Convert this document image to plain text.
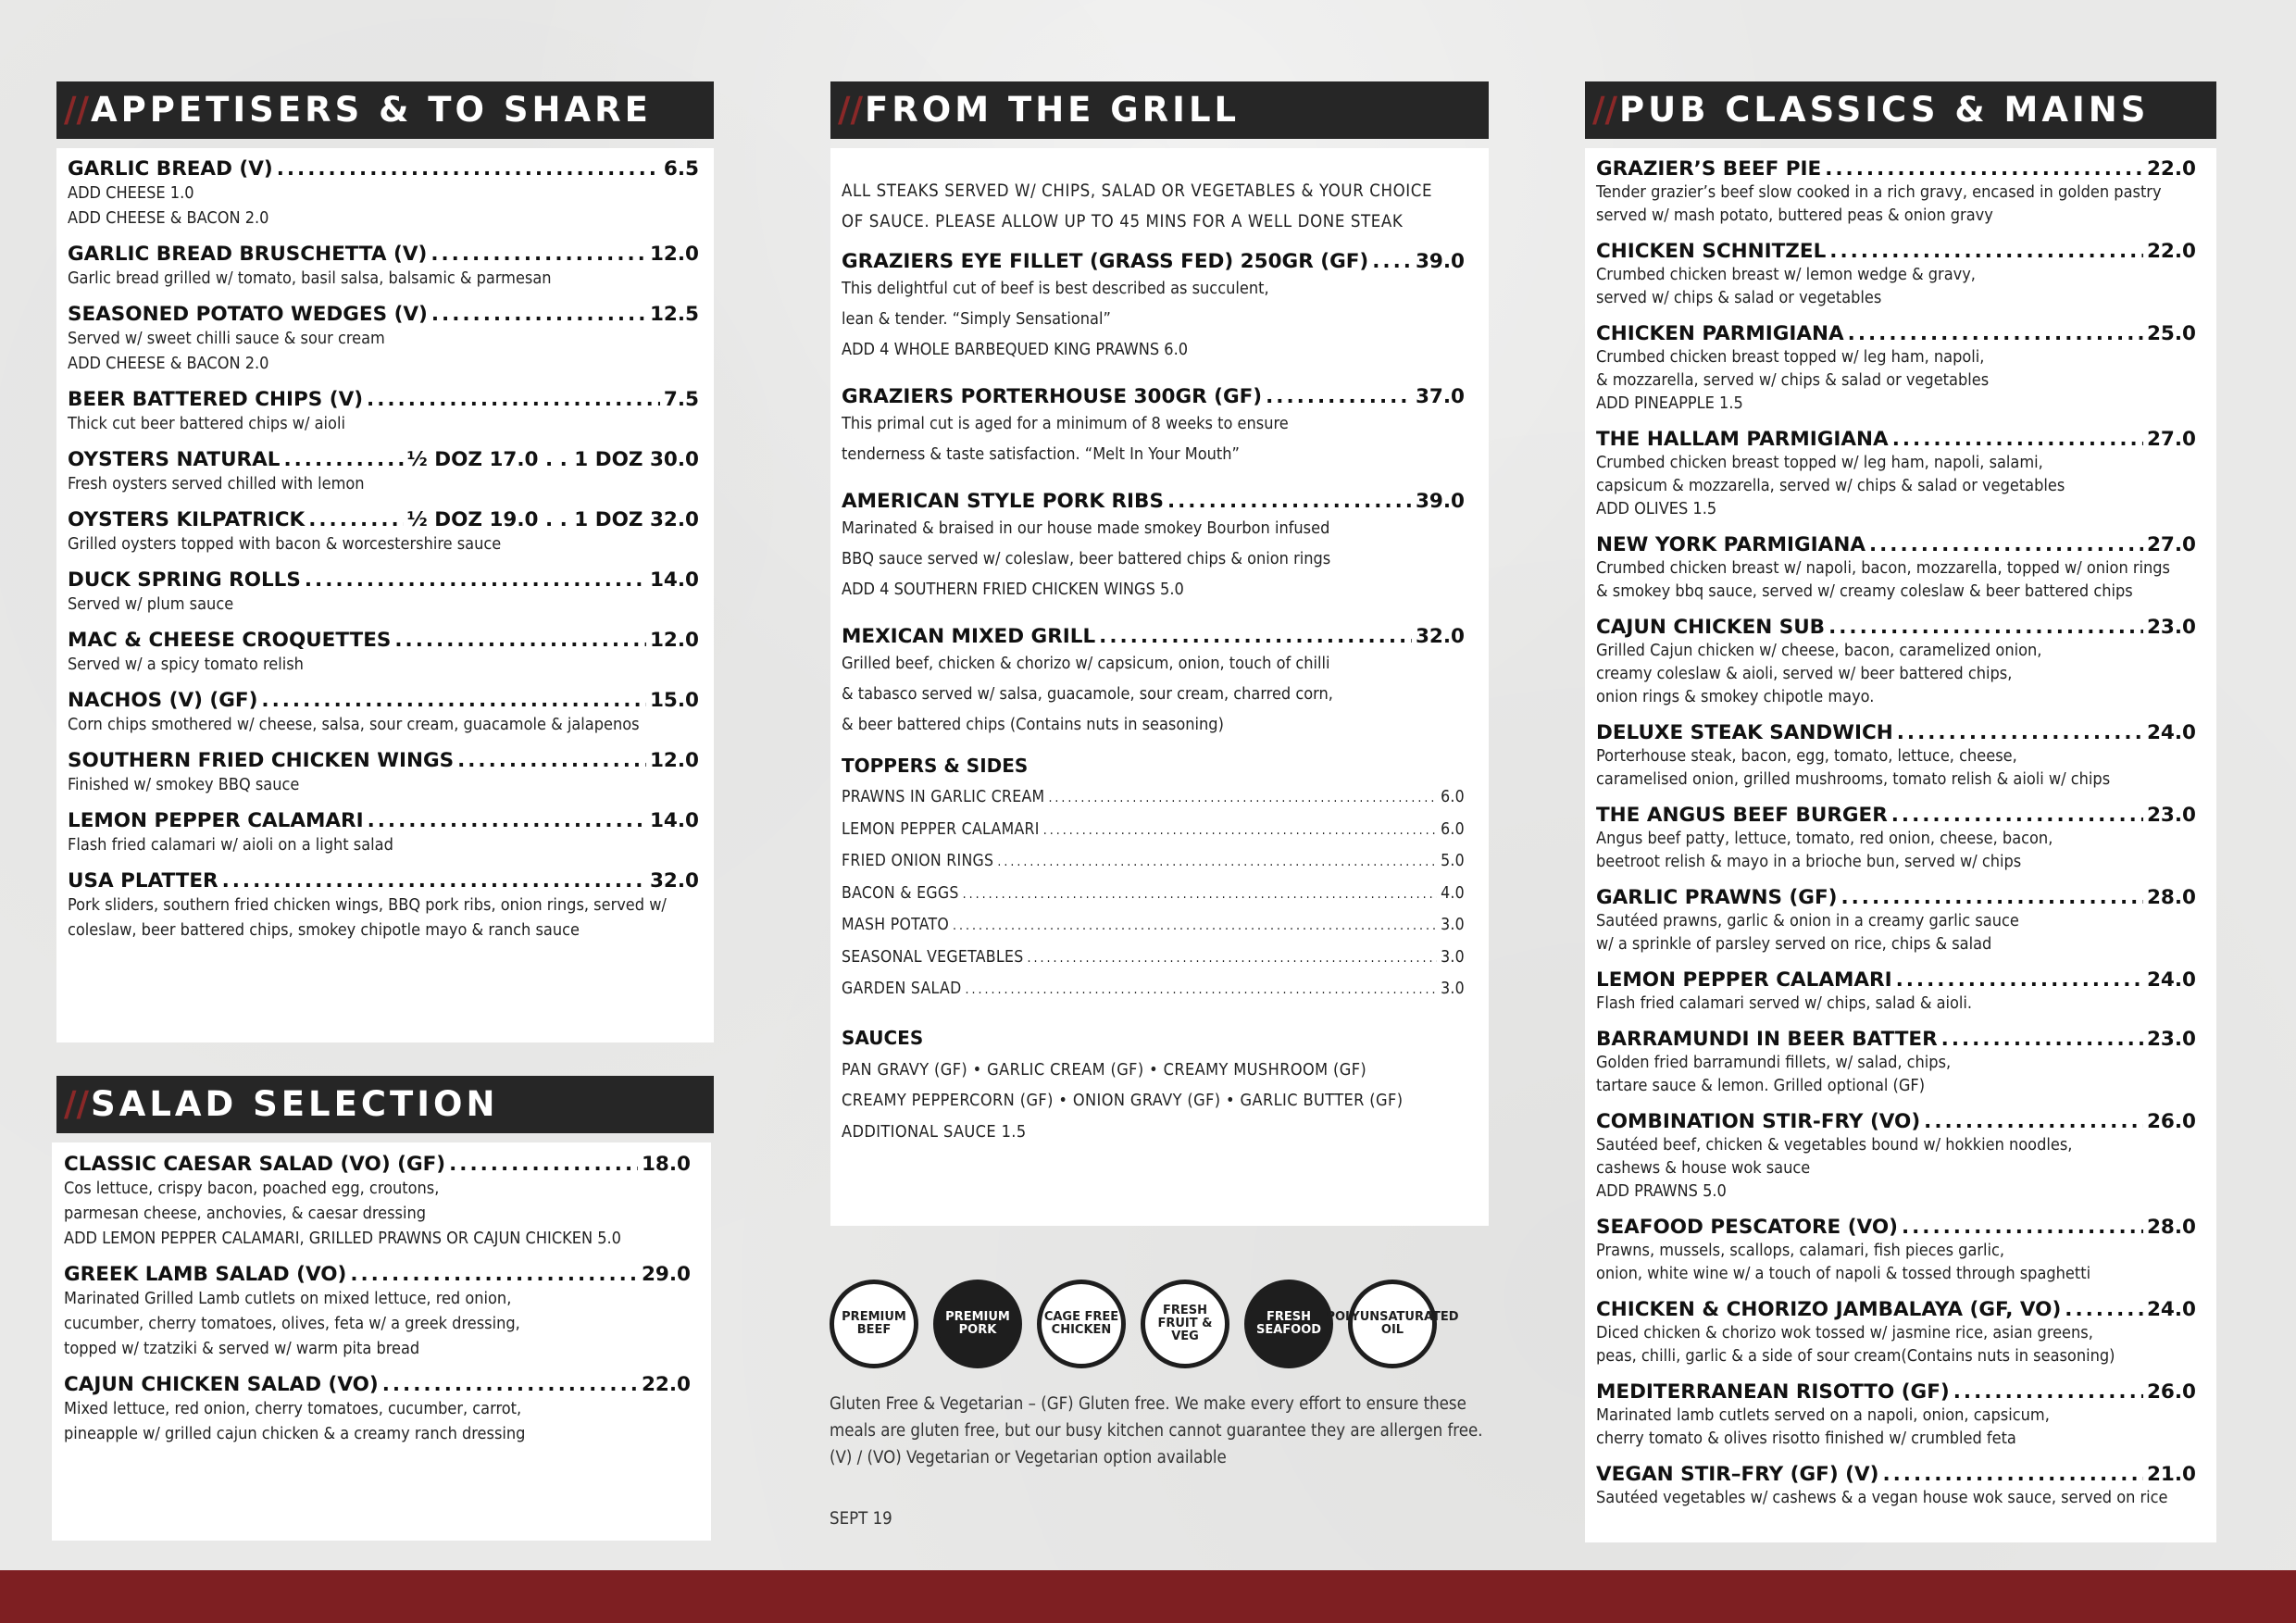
//APPETISERS & TO SHARE
GARLIC BREAD (V) .....	6.5
ADD CHEESE 1.0
ADD CHEESE & BACON 2.0
GARLIC BREAD BRUSCHETTA (V) .....	12.0
Garlic bread grilled w/ tomato, basil salsa, balsamic & parmesan
SEASONED POTATO WEDGES (V) .....	12.5
Served w/ sweet chilli sauce & sour cream
ADD CHEESE & BACON 2.0
BEER BATTERED CHIPS (V) .....	7.5
Thick cut beer battered chips w/ aioli
OYSTERS NATURAL .....	½ DOZ 17.0 . . 1 DOZ 30.0
Fresh oysters served chilled with lemon
OYSTERS KILPATRICK .....	½ DOZ 19.0 . . 1 DOZ 32.0
Grilled oysters topped with bacon & worcestershire sauce
DUCK SPRING ROLLS .....	14.0
Served w/ plum sauce
MAC & CHEESE CROQUETTES .....	12.0
Served w/ a spicy tomato relish
NACHOS (V) (GF) .....	15.0
Corn chips smothered w/ cheese, salsa, sour cream, guacamole & jalapenos
SOUTHERN FRIED CHICKEN WINGS .....	12.0
Finished w/ smokey BBQ sauce
LEMON PEPPER CALAMARI .....	14.0
Flash fried calamari w/ aioli on a light salad
USA PLATTER .....	32.0
Pork sliders, southern fried chicken wings, BBQ pork ribs, onion rings, served w/
coleslaw, beer battered chips, smokey chipotle mayo & ranch sauce
//SALAD SELECTION
CLASSIC CAESAR SALAD (VO) (GF) .....	18.0
Cos lettuce, crispy bacon, poached egg, croutons,
parmesan cheese, anchovies, & caesar dressing
ADD LEMON PEPPER CALAMARI, GRILLED PRAWNS OR CAJUN CHICKEN 5.0
GREEK LAMB SALAD (VO) .....	29.0
Marinated Grilled Lamb cutlets on mixed lettuce, red onion,
cucumber, cherry tomatoes, olives, feta w/ a greek dressing,
topped w/ tzatziki & served w/ warm pita bread
CAJUN CHICKEN SALAD (VO) .....	22.0
Mixed lettuce, red onion, cherry tomatoes, cucumber, carrot,
pineapple w/ grilled cajun chicken & a creamy ranch dressing
//FROM THE GRILL
ALL STEAKS SERVED W/ CHIPS, SALAD OR VEGETABLES & YOUR CHOICE
OF SAUCE. PLEASE ALLOW UP TO 45 MINS FOR A WELL DONE STEAK
GRAZIERS EYE FILLET (GRASS FED) 250GR (GF) ..... 39.0
This delightful cut of beef is best described as succulent,
lean & tender. “Simply Sensational”
ADD 4 WHOLE BARBEQUED KING PRAWNS 6.0
GRAZIERS PORTERHOUSE 300GR (GF) .....	37.0
This primal cut is aged for a minimum of 8 weeks to ensure
tenderness & taste satisfaction. “Melt In Your Mouth”
AMERICAN STYLE PORK RIBS .....	39.0
Marinated & braised in our house made smokey Bourbon infused
BBQ sauce served w/ coleslaw, beer battered chips & onion rings
ADD 4 SOUTHERN FRIED CHICKEN WINGS 5.0
MEXICAN MIXED GRILL .....	32.0
Grilled beef, chicken & chorizo w/ capsicum, onion, touch of chilli
& tabasco served w/ salsa, guacamole, sour cream, charred corn,
& beer battered chips (Contains nuts in seasoning)
TOPPERS & SIDES
PRAWNS IN GARLIC CREAM .....	6.0
LEMON PEPPER CALAMARI .....	6.0
FRIED ONION RINGS .....	5.0
BACON & EGGS .....	4.0
MASH POTATO .....	3.0
SEASONAL VEGETABLES .....	3.0
GARDEN SALAD .....	3.0
SAUCES
PAN GRAVY (GF) • GARLIC CREAM (GF) • CREAMY MUSHROOM (GF)
CREAMY PEPPERCORN (GF) • ONION GRAVY (GF) • GARLIC BUTTER (GF)
ADDITIONAL SAUCE 1.5
PREMIUM BEEF
PREMIUM PORK
CAGE FREE CHICKEN
FRESH FRUIT & VEG
FRESH SEAFOOD
POLYUNSATURATED OIL
Gluten Free & Vegetarian – (GF) Gluten free. We make every effort to ensure these
meals are gluten free, but our busy kitchen cannot guarantee they are allergen free.
(V) / (VO) Vegetarian or Vegetarian option available
SEPT 19
//PUB CLASSICS & MAINS
GRAZIER’S BEEF PIE .....	22.0
Tender grazier’s beef slow cooked in a rich gravy, encased in golden pastry
served w/ mash potato, buttered peas & onion gravy
CHICKEN SCHNITZEL .....	22.0
Crumbed chicken breast w/ lemon wedge & gravy,
served w/ chips & salad or vegetables
CHICKEN PARMIGIANA .....	25.0
Crumbed chicken breast topped w/ leg ham, napoli,
& mozzarella, served w/ chips & salad or vegetables
ADD PINEAPPLE 1.5
THE HALLAM PARMIGIANA .....	27.0
Crumbed chicken breast topped w/ leg ham, napoli, salami,
capsicum & mozzarella, served w/ chips & salad or vegetables
ADD OLIVES 1.5
NEW YORK PARMIGIANA .....	27.0
Crumbed chicken breast w/ napoli, bacon, mozzarella, topped w/ onion rings
& smokey bbq sauce, served w/ creamy coleslaw & beer battered chips
CAJUN CHICKEN SUB .....	23.0
Grilled Cajun chicken w/ cheese, bacon, caramelized onion,
creamy coleslaw & aioli, served w/ beer battered chips,
onion rings & smokey chipotle mayo.
DELUXE STEAK SANDWICH .....	24.0
Porterhouse steak, bacon, egg, tomato, lettuce, cheese,
caramelised onion, grilled mushrooms, tomato relish & aioli w/ chips
THE ANGUS BEEF BURGER .....	23.0
Angus beef patty, lettuce, tomato, red onion, cheese, bacon,
beetroot relish & mayo in a brioche bun, served w/ chips
GARLIC PRAWNS (GF) .....	28.0
Sautéed prawns, garlic & onion in a creamy garlic sauce
w/ a sprinkle of parsley served on rice, chips & salad
LEMON PEPPER CALAMARI .....	24.0
Flash fried calamari served w/ chips, salad & aioli.
BARRAMUNDI IN BEER BATTER .....	23.0
Golden fried barramundi fillets, w/ salad, chips,
tartare sauce & lemon. Grilled optional (GF)
COMBINATION STIR-FRY (VO) .....	26.0
Sautéed beef, chicken & vegetables bound w/ hokkien noodles,
cashews & house wok sauce
ADD PRAWNS 5.0
SEAFOOD PESCATORE (VO) .....	28.0
Prawns, mussels, scallops, calamari, fish pieces garlic,
onion, white wine w/ a touch of napoli & tossed through spaghetti
CHICKEN & CHORIZO JAMBALAYA (GF, VO) .....	24.0
Diced chicken & chorizo wok tossed w/ jasmine rice, asian greens,
peas, chilli, garlic & a side of sour cream(Contains nuts in seasoning)
MEDITERRANEAN RISOTTO (GF) .....	26.0
Marinated lamb cutlets served on a napoli, onion, capsicum,
cherry tomato & olives risotto finished w/ crumbled feta
VEGAN STIR–FRY (GF) (V) .....	21.0
Sautéed vegetables w/ cashews & a vegan house wok sauce, served on rice
